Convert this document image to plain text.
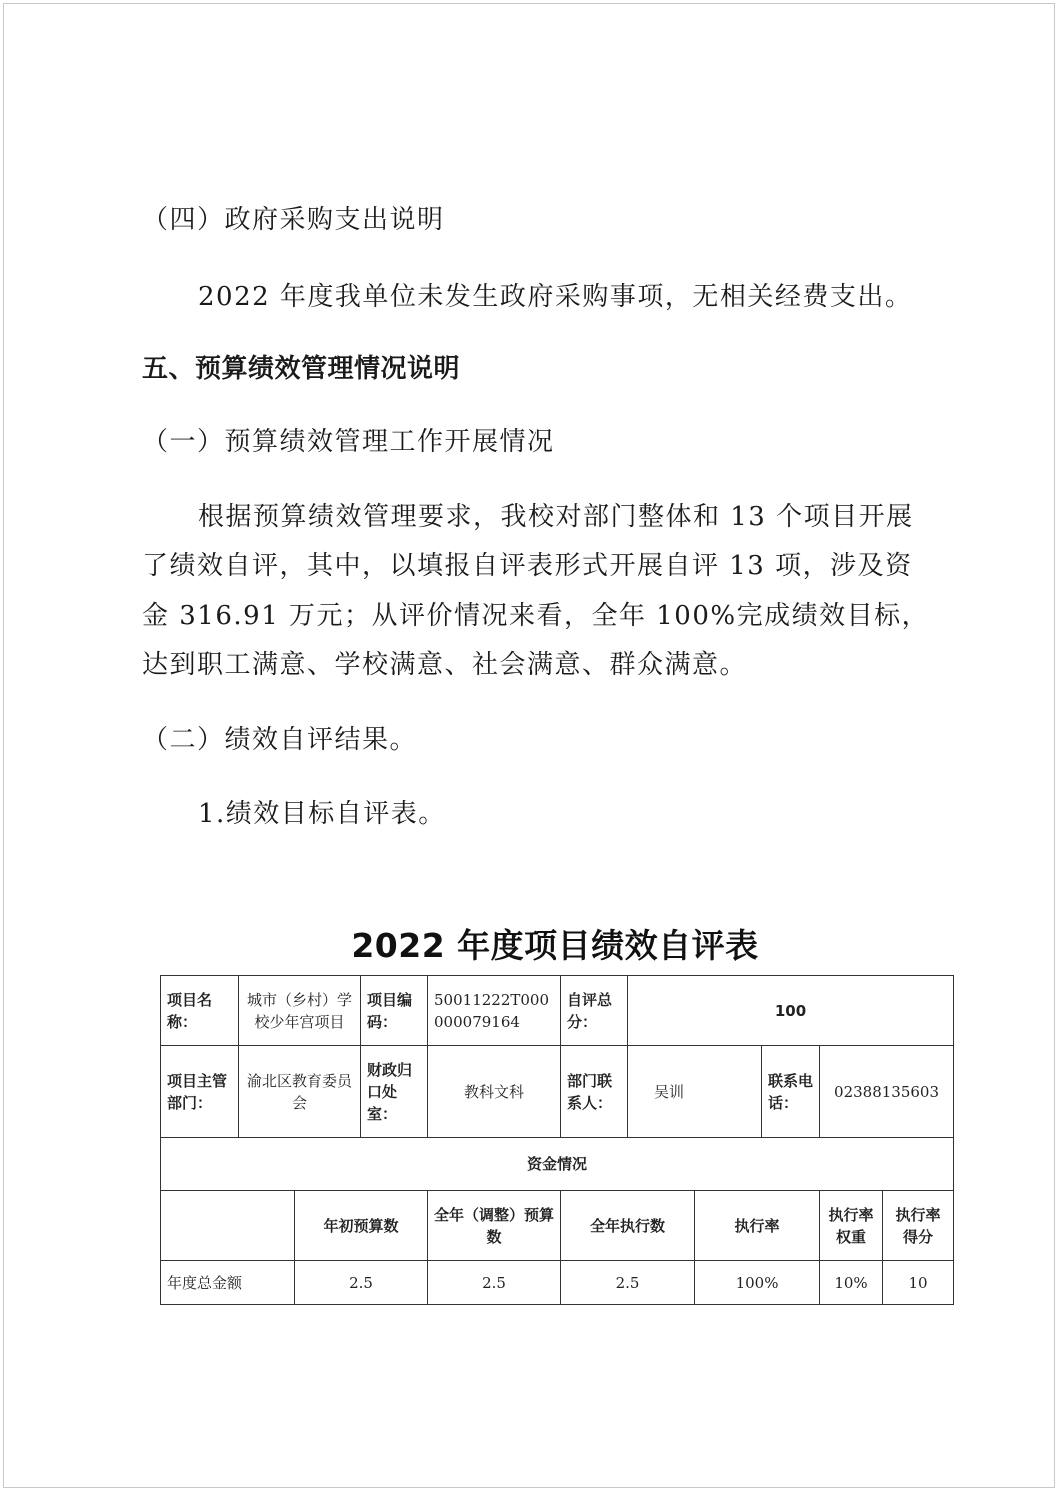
（四）政府采购支出说明
2022 年度我单位未发生政府采购事项，无相关经费支出。
五、预算绩效管理情况说明
（一）预算绩效管理工作开展情况
根据预算绩效管理要求，我校对部门整体和 13 个项目开展
了绩效自评，其中，以填报自评表形式开展自评 13 项，涉及资
金 316.91 万元；从评价情况来看，全年 100%完成绩效目标，
达到职工满意、学校满意、社会满意、群众满意。
（二）绩效自评结果。
1.绩效目标自评表。
2022 年度项目绩效自评表
项目名称：	城市（乡村）学校少年宫项目		项目编码：	50011222T000000079164	自评总分：	100				
项目主管部门：	渝北区教育委员会		财政归口处室：	教科文科	部门联系人：	吴训		联系电话：	02388135603	
资金情况										
		年初预算数		全年（调整）预算数	全年执行数		执行率		执行率权重	执行率得分
年度总金额		2.5		2.5	2.5		100%		10%	10
